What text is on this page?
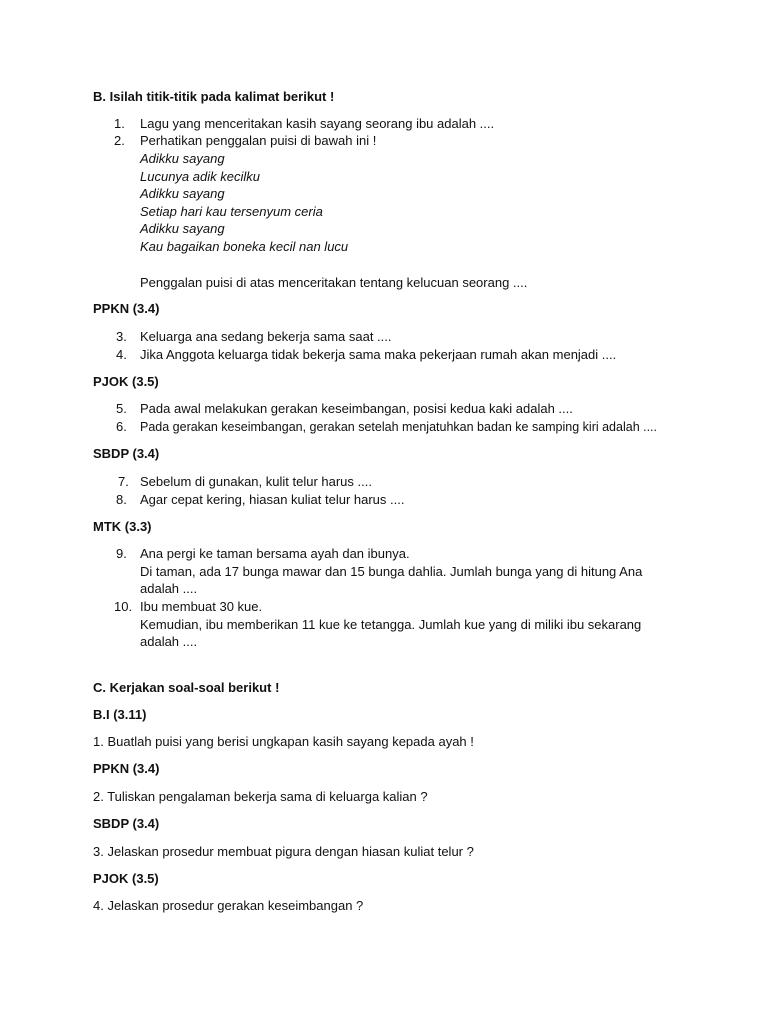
B. Isilah titik-titik pada kalimat berikut !
1. Lagu yang menceritakan kasih sayang seorang ibu adalah ....
2. Perhatikan penggalan puisi di bawah ini !
Adikku sayang
Lucunya adik kecilku
Adikku sayang
Setiap hari kau tersenyum ceria
Adikku sayang
Kau bagaikan boneka kecil nan lucu
Penggalan puisi di atas menceritakan tentang kelucuan seorang ....
PPKN (3.4)
3. Keluarga ana sedang bekerja sama saat ....
4. Jika Anggota keluarga tidak bekerja sama maka pekerjaan rumah akan menjadi ....
PJOK (3.5)
5. Pada awal melakukan gerakan keseimbangan, posisi kedua kaki adalah ....
6. Pada gerakan keseimbangan, gerakan setelah menjatuhkan badan ke samping kiri adalah ....
SBDP (3.4)
7. Sebelum di gunakan, kulit telur harus ....
8. Agar cepat kering, hiasan kuliat telur harus ....
MTK (3.3)
9. Ana pergi ke taman bersama ayah dan ibunya.
Di taman, ada 17 bunga mawar dan 15 bunga dahlia. Jumlah bunga yang di hitung Ana
adalah ....
10. Ibu membuat 30 kue.
Kemudian, ibu memberikan 11 kue ke tetangga. Jumlah kue yang di miliki ibu sekarang
adalah ....
C. Kerjakan soal-soal berikut !
B.I (3.11)
1. Buatlah puisi yang berisi ungkapan kasih sayang kepada ayah !
PPKN (3.4)
2. Tuliskan pengalaman bekerja sama di keluarga kalian ?
SBDP (3.4)
3. Jelaskan prosedur membuat pigura dengan hiasan kuliat telur ?
PJOK (3.5)
4. Jelaskan prosedur gerakan keseimbangan ?
